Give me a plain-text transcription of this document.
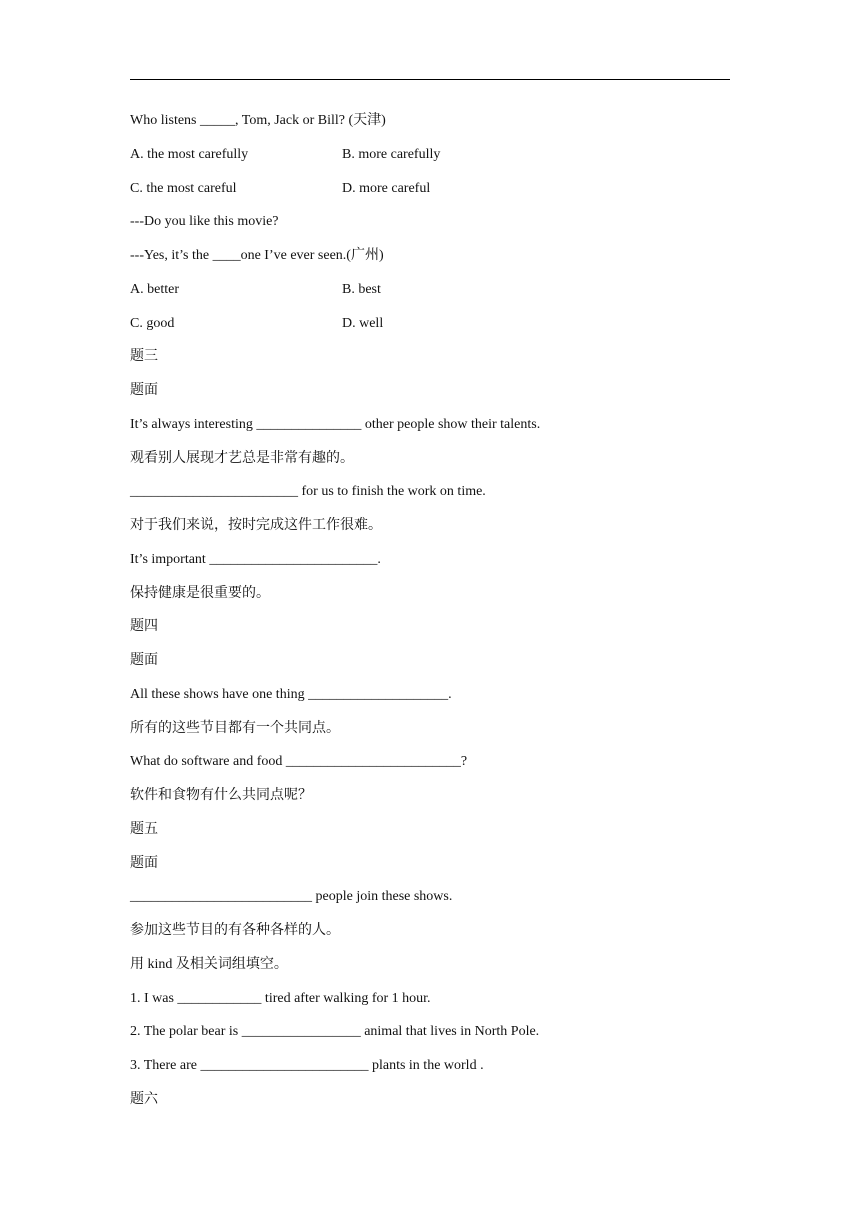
Who listens _____, Tom, Jack or Bill? (天津)
A. the most carefully	B. more carefully
C. the most careful	D. more careful
---Do you like this movie?
---Yes, it’s the ____one I’ve ever seen.(广州)
A. better	B. best
C. good	D. well
题三
题面
It’s always interesting _______________ other people show their talents.
观看别人展现才艺总是非常有趣的。
________________________ for us to finish the work on time.
对于我们来说，按时完成这件工作很难。
It’s important ________________________.
保持健康是很重要的。
题四
题面
All these shows have one thing ____________________.
所有的这些节目都有一个共同点。
What do software and food _________________________?
软件和食物有什么共同点呢？
题五
题面
__________________________ people join these shows.
参加这些节目的有各种各样的人。
用 kind 及相关词组填空。
1. I was ____________ tired after walking for 1 hour.
2. The polar bear is _________________ animal that lives in North Pole.
3. There are ________________________ plants in the world .
题六
